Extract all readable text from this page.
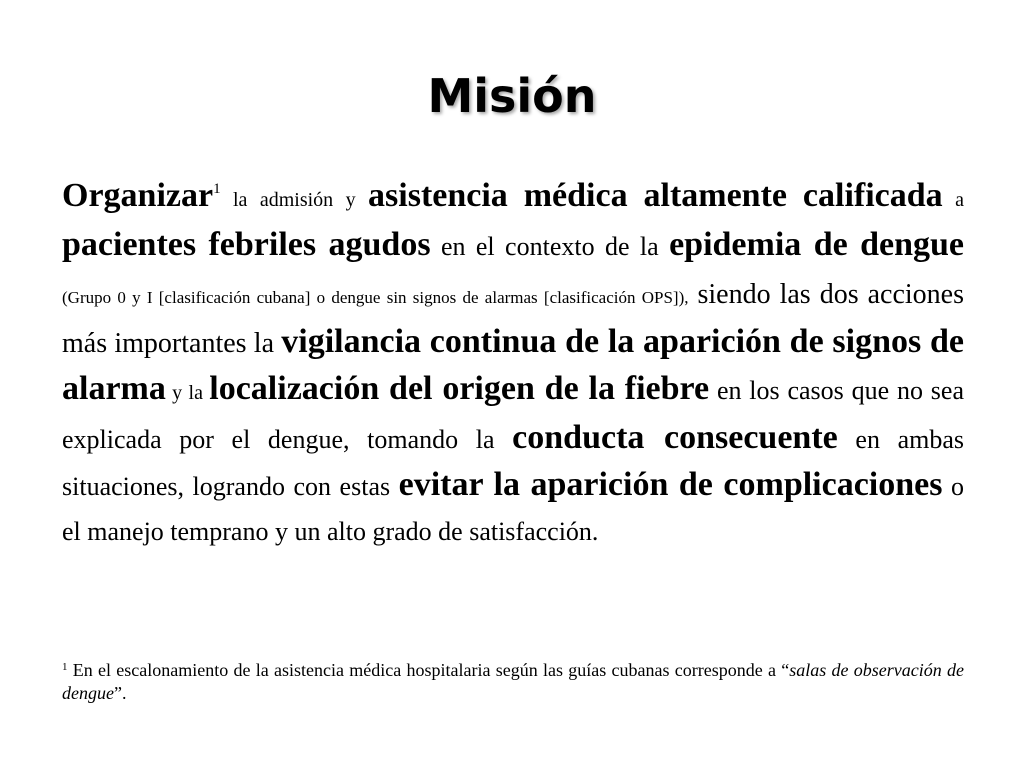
Misión
Organizar$^1$ la admisión y asistencia médica altamente calificada a pacientes febriles agudos en el contexto de la epidemia de dengue (Grupo 0 y I [clasificación cubana] o dengue sin signos de alarmas [clasificación OPS]), siendo las dos acciones más importantes la vigilancia continua de la aparición de signos de alarma y la localización del origen de la fiebre en los casos que no sea explicada por el dengue, tomando la conducta consecuente en ambas situaciones, logrando con estas evitar la aparición de complicaciones o el manejo temprano y un alto grado de satisfacción.
$^1$ En el escalonamiento de la asistencia médica hospitalaria según las guías cubanas corresponde a “salas de observación de dengue”.
